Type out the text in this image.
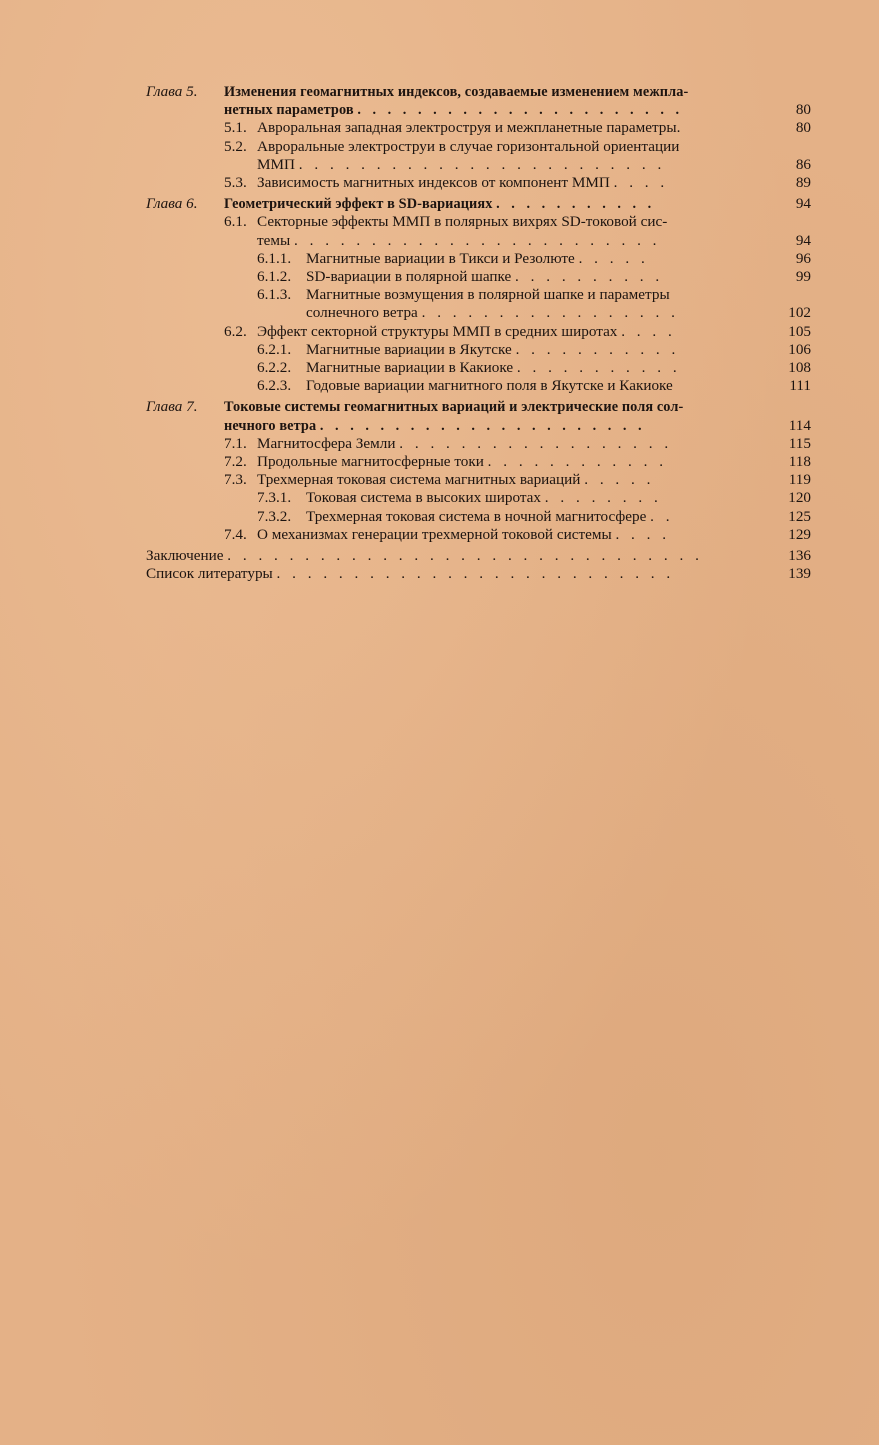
Глава 5. Изменения геомагнитных индексов, создаваемые изменением межпла-
нетных параметров . . . . . . . . . . . . . . . . . . . . . .	80
5.1. Авроральная западная электроструя и межпланетные параметры.	80
5.2. Авроральные электроструи в случае горизонтальной ориентации
ММП . . . . . . . . . . . . . . . . . . . . . . . .	86
5.3. Зависимость магнитных индексов от компонент ММП . . . .	89
Глава 6. Геометрический эффект в SD-вариациях . . . . . . . . . . .	94
6.1. Секторные эффекты ММП в полярных вихрях SD-токовой сис-
темы . . . . . . . . . . . . . . . . . . . . . . . .	94
6.1.1. Магнитные вариации в Тикси и Резолюте . . . . .	96
6.1.2. SD-вариации в полярной шапке . . . . . . . . . .	99
6.1.3. Магнитные возмущения в полярной шапке и параметры
солнечного ветра . . . . . . . . . . . . . . . . .	102
6.2. Эффект секторной структуры ММП в средних широтах . . . .	105
6.2.1. Магнитные вариации в Якутске . . . . . . . . . . .	106
6.2.2. Магнитные вариации в Какиоке . . . . . . . . . . .	108
6.2.3. Годовые вариации магнитного поля в Якутске и Какиоке	111
Глава 7. Токовые системы геомагнитных вариаций и электрические поля сол-
нечного ветра . . . . . . . . . . . . . . . . . . . . . .	114
7.1. Магнитосфера Земли . . . . . . . . . . . . . . . . . .	115
7.2. Продольные магнитосферные токи . . . . . . . . . . . .	118
7.3. Трехмерная токовая система магнитных вариаций . . . . .	119
7.3.1. Токовая система в высоких широтах . . . . . . . .	120
7.3.2. Трехмерная токовая система в ночной магнитосфере . .	125
7.4. О механизмах генерации трехмерной токовой системы . . . .	129
Заключение . . . . . . . . . . . . . . . . . . . . . . . . . . . . . . .	136
Список литературы . . . . . . . . . . . . . . . . . . . . . . . . . .	139
